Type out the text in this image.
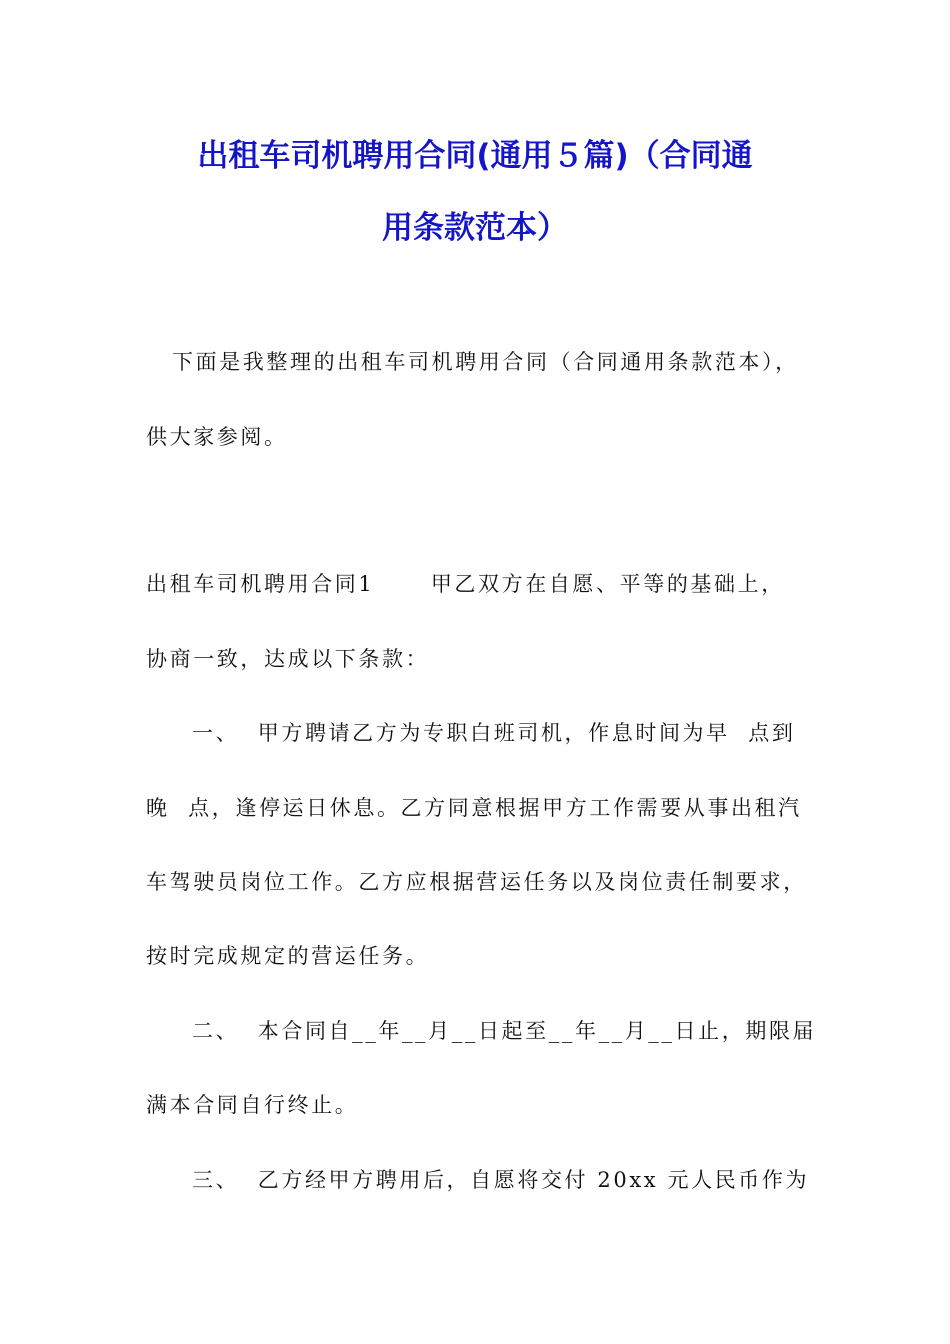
出租车司机聘用合同(通用５篇)（合同通
用条款范本）

下面是我整理的出租车司机聘用合同（合同通用条款范本），

供大家参阅。

出租车司机聘用合同1　　 甲乙双方在自愿、平等的基础上，

协商一致，达成以下条款：

一、  甲方聘请乙方为专职白班司机，作息时间为早  点到

晚  点，逢停运日休息。乙方同意根据甲方工作需要从事出租汽

车驾驶员岗位工作。乙方应根据营运任务以及岗位责任制要求，

按时完成规定的营运任务。

二、  本合同自__年__月__日起至__年__月__日止，期限届

满本合同自行终止。

三、  乙方经甲方聘用后，自愿将交付 20xx 元人民币作为
